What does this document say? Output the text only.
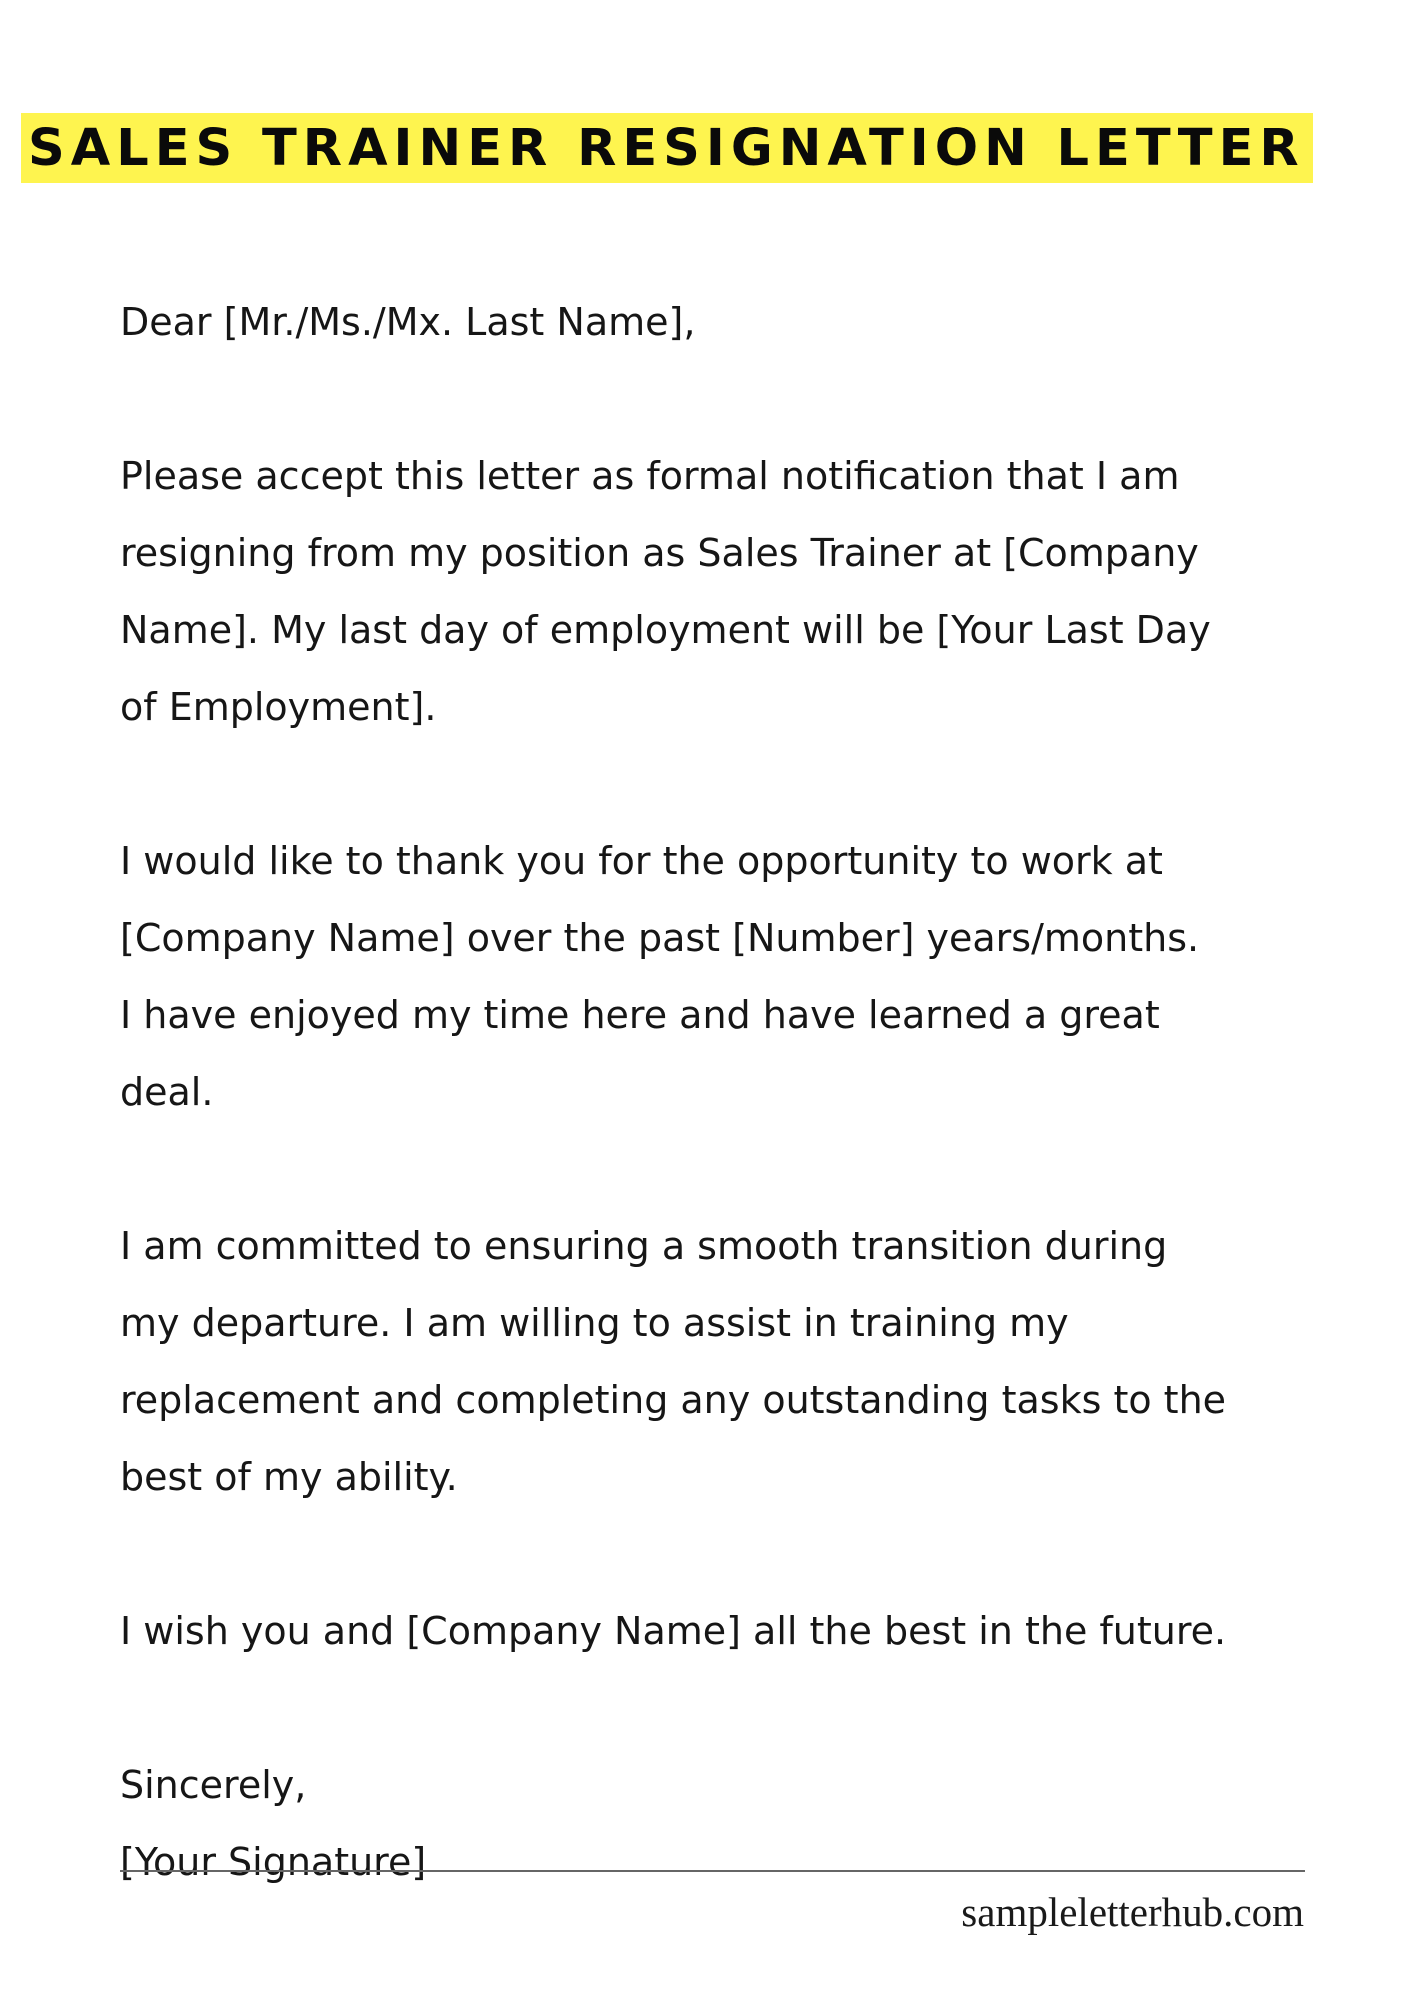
SALES TRAINER RESIGNATION LETTER
Dear [Mr./Ms./Mx. Last Name],
Please accept this letter as formal notification that I am
resigning from my position as Sales Trainer at [Company
Name]. My last day of employment will be [Your Last Day
of Employment].
I would like to thank you for the opportunity to work at
[Company Name] over the past [Number] years/months.
I have enjoyed my time here and have learned a great
deal.
I am committed to ensuring a smooth transition during
my departure. I am willing to assist in training my
replacement and completing any outstanding tasks to the
best of my ability.
I wish you and [Company Name] all the best in the future.
Sincerely,
[Your Signature]
sampleletterhub.com
